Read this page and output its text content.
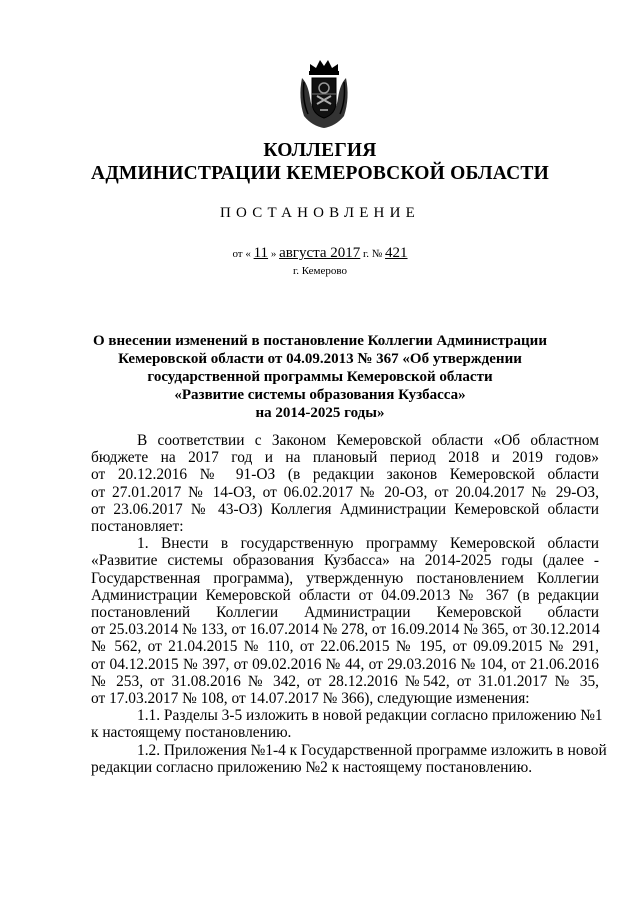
КОЛЛЕГИЯ
АДМИНИСТРАЦИИ КЕМЕРОВСКОЙ ОБЛАСТИ
ПОСТАНОВЛЕНИЕ
от « 11 » августа 2017 г. № 421
г. Кемерово
О внесении изменений в постановление Коллегии Администрации
Кемеровской области от 04.09.2013 № 367 «Об утверждении
государственной программы Кемеровской области
«Развитие системы образования Кузбасса»
на 2014-2025 годы»

В соответствии с Законом Кемеровской области «Об областном
бюджете на 2017 год и на плановый период 2018 и 2019 годов»
от 20.12.2016 № 91-ОЗ (в редакции законов Кемеровской области
от 27.01.2017 № 14-ОЗ, от 06.02.2017 № 20-ОЗ, от 20.04.2017 № 29-ОЗ,
от 23.06.2017 № 43-ОЗ) Коллегия Администрации Кемеровской области
постановляет:

1. Внести в государственную программу Кемеровской области
«Развитие системы образования Кузбасса» на 2014-2025 годы (далее -
Государственная программа), утвержденную постановлением Коллегии
Администрации Кемеровской области от 04.09.2013 № 367 (в редакции
постановлений Коллегии Администрации Кемеровской области
от 25.03.2014 № 133, от 16.07.2014 № 278, от 16.09.2014 № 365, от 30.12.2014
№ 562, от 21.04.2015 № 110, от 22.06.2015 № 195, от 09.09.2015 № 291,
от 04.12.2015 № 397, от 09.02.2016 № 44, от 29.03.2016 № 104, от 21.06.2016
№ 253, от 31.08.2016 № 342, от 28.12.2016 №542, от 31.01.2017 № 35,
от 17.03.2017 № 108, от 14.07.2017 № 366), следующие изменения:

1.1. Разделы 3-5 изложить в новой редакции согласно приложению №1
к настоящему постановлению.

1.2. Приложения №1-4 к Государственной программе изложить в новой
редакции согласно приложению №2 к настоящему постановлению.
